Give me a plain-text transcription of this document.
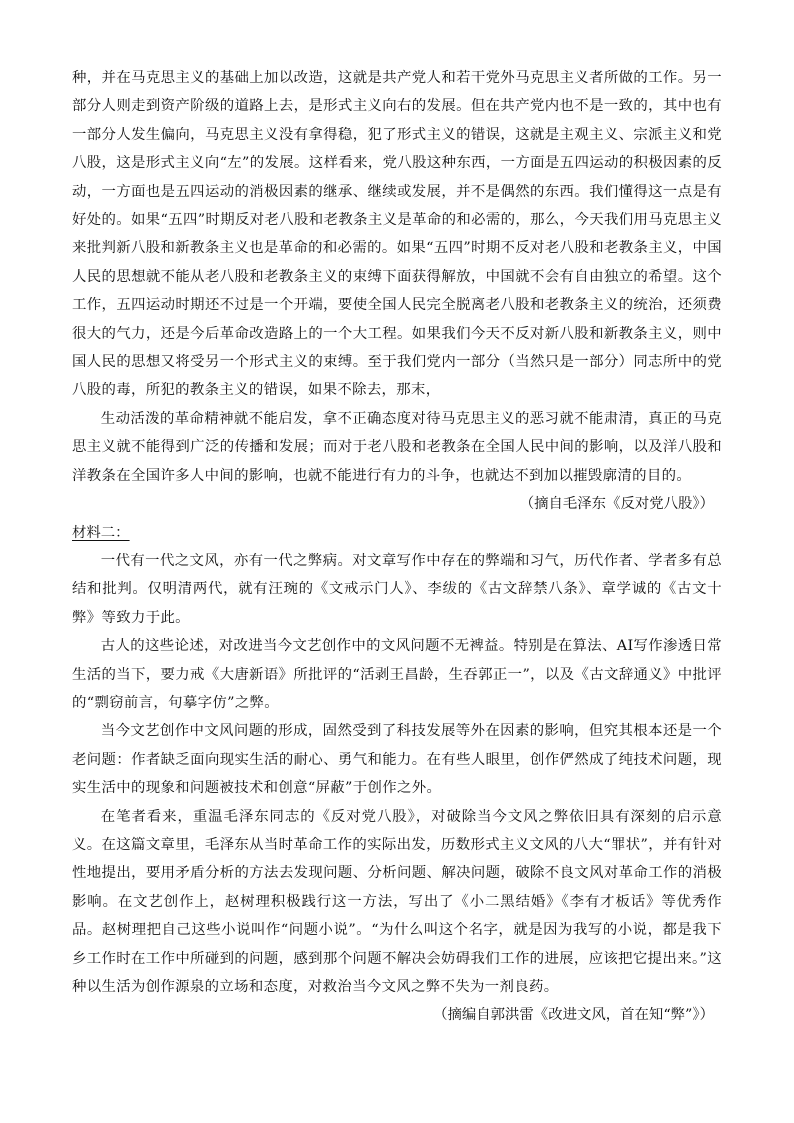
种，并在马克思主义的基础上加以改造，这就是共产党人和若干党外马克思主义者所做的工作。另一部分人则走到资产阶级的道路上去，是形式主义向右的发展。但在共产党内也不是一致的，其中也有一部分人发生偏向，马克思主义没有拿得稳，犯了形式主义的错误，这就是主观主义、宗派主义和党八股，这是形式主义向“左”的发展。这样看来，党八股这种东西，一方面是五四运动的积极因素的反动，一方面也是五四运动的消极因素的继承、继续或发展，并不是偶然的东西。我们懂得这一点是有好处的。如果“五四”时期反对老八股和老教条主义是革命的和必需的，那么，今天我们用马克思主义来批判新八股和新教条主义也是革命的和必需的。如果“五四”时期不反对老八股和老教条主义，中国人民的思想就不能从老八股和老教条主义的束缚下面获得解放，中国就不会有自由独立的希望。这个工作，五四运动时期还不过是一个开端，要使全国人民完全脱离老八股和老教条主义的统治，还须费很大的气力，还是今后革命改造路上的一个大工程。如果我们今天不反对新八股和新教条主义，则中国人民的思想又将受另一个形式主义的束缚。至于我们党内一部分（当然只是一部分）同志所中的党八股的毒，所犯的教条主义的错误，如果不除去，那末，

生动活泼的革命精神就不能启发，拿不正确态度对待马克思主义的恶习就不能肃清，真正的马克思主义就不能得到广泛的传播和发展；而对于老八股和老教条在全国人民中间的影响，以及洋八股和洋教条在全国许多人中间的影响，也就不能进行有力的斗争，也就达不到加以摧毁廓清的目的。

（摘自毛泽东《反对党八股》）

材料二：

一代有一代之文风，亦有一代之弊病。对文章写作中存在的弊端和习气，历代作者、学者多有总结和批判。仅明清两代，就有汪琬的《文戒示门人》、李绂的《古文辞禁八条》、章学诚的《古文十弊》等致力于此。

古人的这些论述，对改进当今文艺创作中的文风问题不无裨益。特别是在算法、AI写作渗透日常生活的当下，要力戒《大唐新语》所批评的“活剥王昌龄，生吞郭正一”，以及《古文辞通义》中批评的“剽窃前言，句摹字仿”之弊。

当今文艺创作中文风问题的形成，固然受到了科技发展等外在因素的影响，但究其根本还是一个老问题：作者缺乏面向现实生活的耐心、勇气和能力。在有些人眼里，创作俨然成了纯技术问题，现实生活中的现象和问题被技术和创意“屏蔽”于创作之外。

在笔者看来，重温毛泽东同志的《反对党八股》，对破除当今文风之弊依旧具有深刻的启示意义。在这篇文章里，毛泽东从当时革命工作的实际出发，历数形式主义文风的八大“罪状”，并有针对性地提出，要用矛盾分析的方法去发现问题、分析问题、解决问题，破除不良文风对革命工作的消极影响。在文艺创作上，赵树理积极践行这一方法，写出了《小二黑结婚》《李有才板话》等优秀作品。赵树理把自己这些小说叫作“问题小说”。“为什么叫这个名字，就是因为我写的小说，都是我下乡工作时在工作中所碰到的问题，感到那个问题不解决会妨碍我们工作的进展，应该把它提出来。”这种以生活为创作源泉的立场和态度，对救治当今文风之弊不失为一剂良药。

（摘编自郭洪雷《改进文风，首在知“弊”》）
